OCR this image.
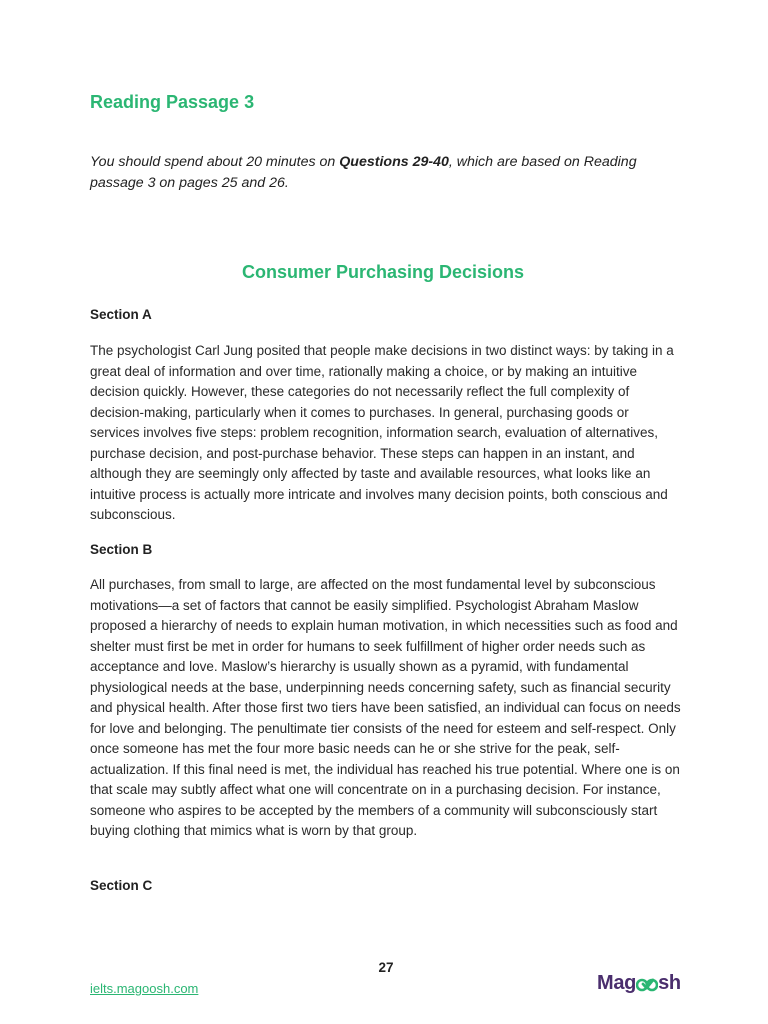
Reading Passage 3

You should spend about 20 minutes on Questions 29-40, which are based on Reading passage 3 on pages 25 and 26.

Consumer Purchasing Decisions
Section A

The psychologist Carl Jung posited that people make decisions in two distinct ways: by taking in a great deal of information and over time, rationally making a choice, or by making an intuitive decision quickly. However, these categories do not necessarily reflect the full complexity of decision-making, particularly when it comes to purchases. In general, purchasing goods or services involves five steps: problem recognition, information search, evaluation of alternatives, purchase decision, and post-purchase behavior. These steps can happen in an instant, and although they are seemingly only affected by taste and available resources, what looks like an intuitive process is actually more intricate and involves many decision points, both conscious and subconscious.

Section B

All purchases, from small to large, are affected on the most fundamental level by subconscious motivations—a set of factors that cannot be easily simplified. Psychologist Abraham Maslow proposed a hierarchy of needs to explain human motivation, in which necessities such as food and shelter must first be met in order for humans to seek fulfillment of higher order needs such as acceptance and love. Maslow’s hierarchy is usually shown as a pyramid, with fundamental physiological needs at the base, underpinning needs concerning safety, such as financial security and physical health. After those first two tiers have been satisfied, an individual can focus on needs for love and belonging. The penultimate tier consists of the need for esteem and self-respect. Only once someone has met the four more basic needs can he or she strive for the peak, self-actualization. If this final need is met, the individual has reached his true potential. Where one is on that scale may subtly affect what one will concentrate on in a purchasing decision. For instance, someone who aspires to be accepted by the members of a community will subconsciously start buying clothing that mimics what is worn by that group.

Section C
27
ielts.magoosh.com	Mag sh
